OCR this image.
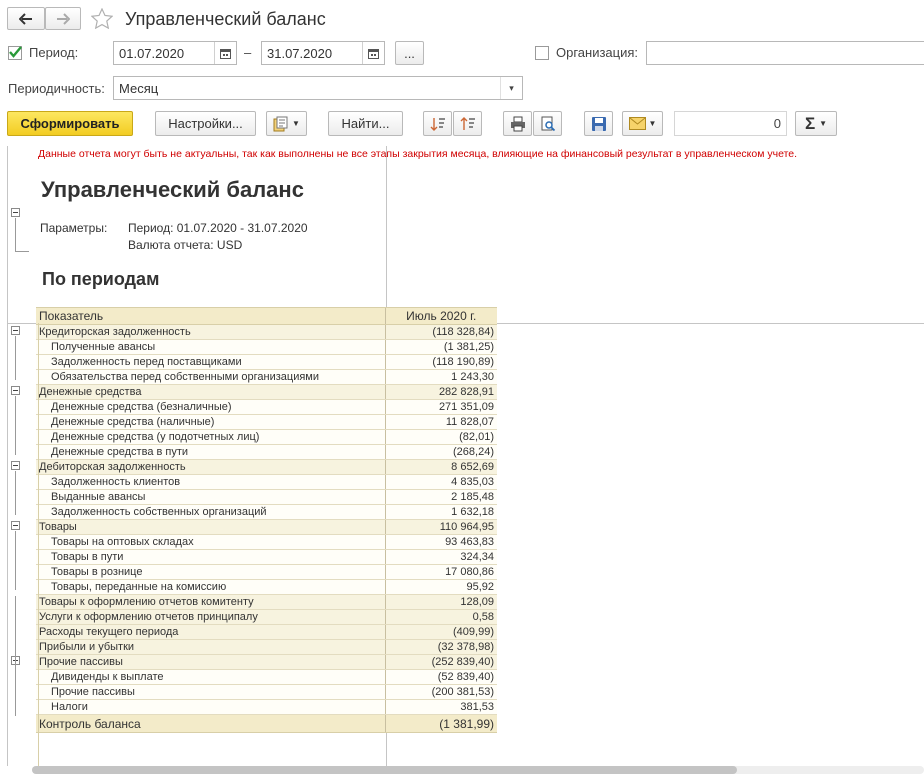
Управленческий баланс
Период:	01.07.2020	– 31.07.2020	...	Организация:
Периодичность: Месяц	▾
Сформировать	Настройки...	▼	Найти...	▼	0	Σ ▼
Данные отчета могут быть не актуальны, так как выполнены не все этапы закрытия месяца, влияющие на финансовый результат в управленческом учете.
Управленческий баланс
Параметры: Период: 01.07.2020 - 31.07.2020
Валюта отчета: USD
По периодам
Показатель	Июль 2020 г.
Кредиторская задолженность	(118 328,84)
Полученные авансы	(1 381,25)
Задолженность перед поставщиками	(118 190,89)
Обязательства перед собственными организациями	1 243,30
Денежные средства	282 828,91
Денежные средства (безналичные)	271 351,09
Денежные средства (наличные)	11 828,07
Денежные средства (у подотчетных лиц)	(82,01)
Денежные средства в пути	(268,24)
Дебиторская задолженность	8 652,69
Задолженность клиентов	4 835,03
Выданные авансы	2 185,48
Задолженность собственных организаций	1 632,18
Товары	110 964,95
Товары на оптовых складах	93 463,83
Товары в пути	324,34
Товары в рознице	17 080,86
Товары, переданные на комиссию	95,92
Товары к оформлению отчетов комитенту	128,09
Услуги к оформлению отчетов принципалу	0,58
Расходы текущего периода	(409,99)
Прибыли и убытки	(32 378,98)
Прочие пассивы	(252 839,40)
Дивиденды к выплате	(52 839,40)
Прочие пассивы	(200 381,53)
Налоги	381,53
Контроль баланса	(1 381,99)
